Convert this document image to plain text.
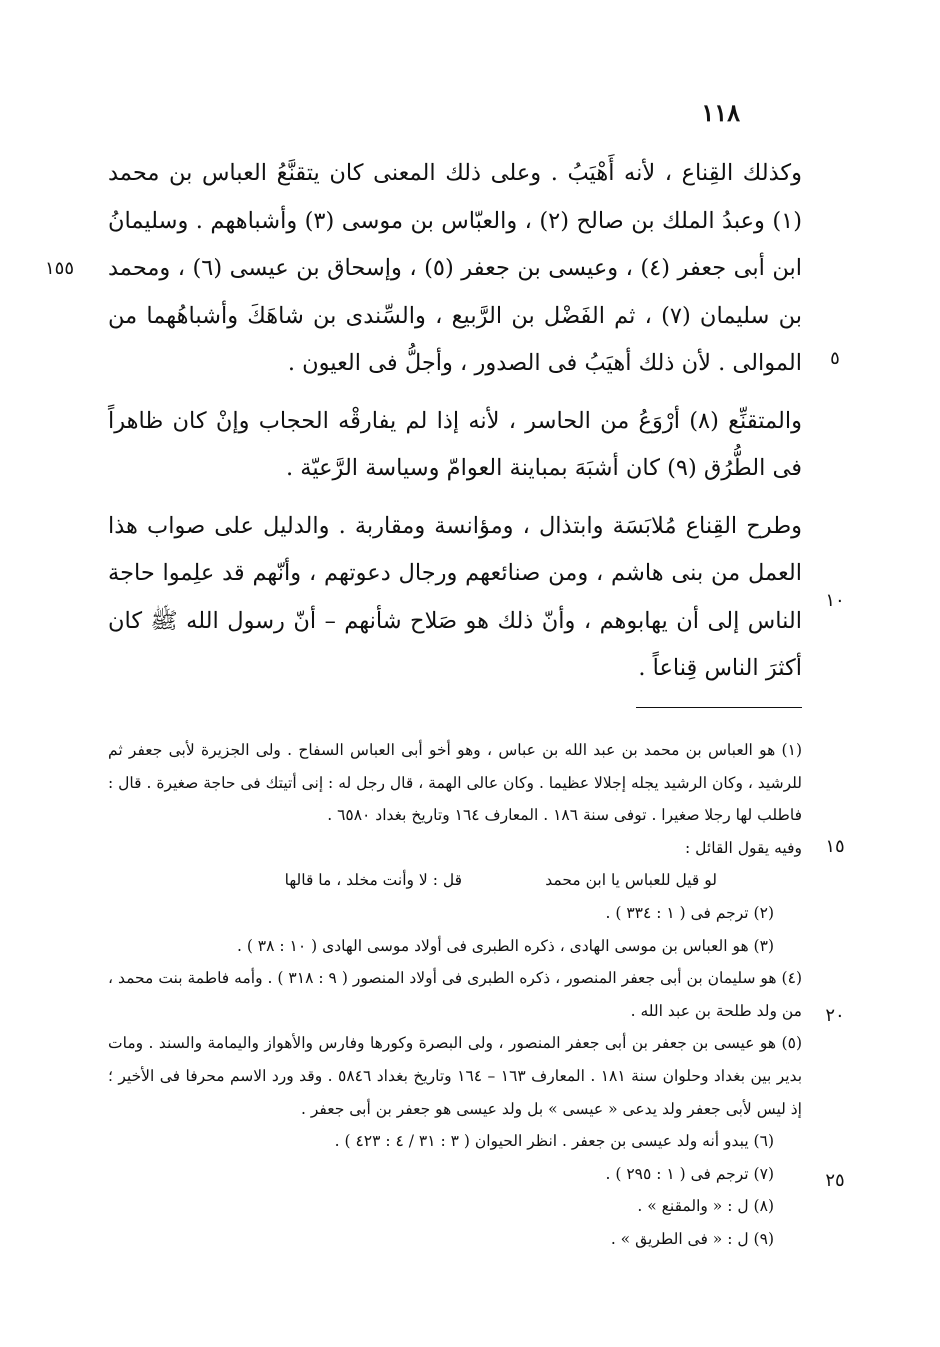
١١٨

وكذلك القِناع ، لأنه أَهْيَبُ . وعلى ذلك المعنى كان يتقنَّعُ العباس بن محمد (١) وعبدُ الملك بن صالح (٢) ، والعبّاس بن موسى (٣) وأشباههم . وسليمانُ ابن أبى جعفر (٤) ، وعيسى بن جعفر (٥) ، وإسحاق بن عيسى (٦) ، ومحمد بن سليمان (٧) ، ثم الفَضْل بن الرَّبيع ، والسِّندى بن شاهَكَ وأشباهُهما من الموالى . لأن ذلك أهيَبُ فى الصدور ، وأجلُّ فى العيون .

والمتقنِّع (٨) أرْوَعُ من الحاسر ، لأنه إذا لم يفارقْه الحجاب وإنْ كان ظاهراً فى الطُّرُق (٩) كان أشبَهَ بمباينة العوامّ وسياسة الرَّعيّة .

وطرح القِناع مُلابَسَة وابتذال ، ومؤانسة ومقاربة . والدليل على صواب هذا العمل من بنى هاشم ، ومن صنائعهم ورجال دعوتهم ، وأنّهم قد علِموا حاجة الناس إلى أن يهابوهم ، وأنّ ذلك هو صَلاح شأنهم – أنّ رسول الله ﷺ كان أكثرَ الناس قِناعاً .

١٥٥
٥
١٠
١٥
٢٠
٢٥

(١) هو العباس بن محمد بن عبد الله بن عباس ، وهو أخو أبى العباس السفاح . ولى الجزيرة لأبى جعفر ثم للرشيد ، وكان الرشيد يجله إجلالا عظيما . وكان عالى الهمة ، قال رجل له : إنى أتيتك فى حاجة صغيرة . قال : فاطلب لها رجلا صغيرا . توفى سنة ١٨٦ . المعارف ١٦٤ وتاريخ بغداد ٦٥٨٠ .

وفيه يقول القائل :

لو قيل للعباس يا ابن محمد
قل : لا وأنت مخلد ، ما قالها

(٢) ترجم فى ( ١ : ٣٣٤ ) .

(٣) هو العباس بن موسى الهادى ، ذكره الطبرى فى أولاد موسى الهادى ( ١٠ : ٣٨ ) .

(٤) هو سليمان بن أبى جعفر المنصور ، ذكره الطبرى فى أولاد المنصور ( ٩ : ٣١٨ ) . وأمه فاطمة بنت محمد ، من ولد طلحة بن عبد الله .

(٥) هو عيسى بن جعفر بن أبى جعفر المنصور ، ولى البصرة وكورها وفارس والأهواز واليمامة والسند . ومات بدير بين بغداد وحلوان سنة ١٨١ . المعارف ١٦٣ – ١٦٤ وتاريخ بغداد ٥٨٤٦ . وقد ورد الاسم محرفا فى الأخير ؛ إذ ليس لأبى جعفر ولد يدعى « عيسى » بل ولد عيسى هو جعفر بن أبى جعفر .

(٦) يبدو أنه ولد عيسى بن جعفر . انظر الحيوان ( ٣ : ٣١ / ٤ : ٤٢٣ ) .

(٧) ترجم فى ( ١ : ٢٩٥ ) .

(٨) ل : « والمقنع » .

(٩) ل : « فى الطريق » .
